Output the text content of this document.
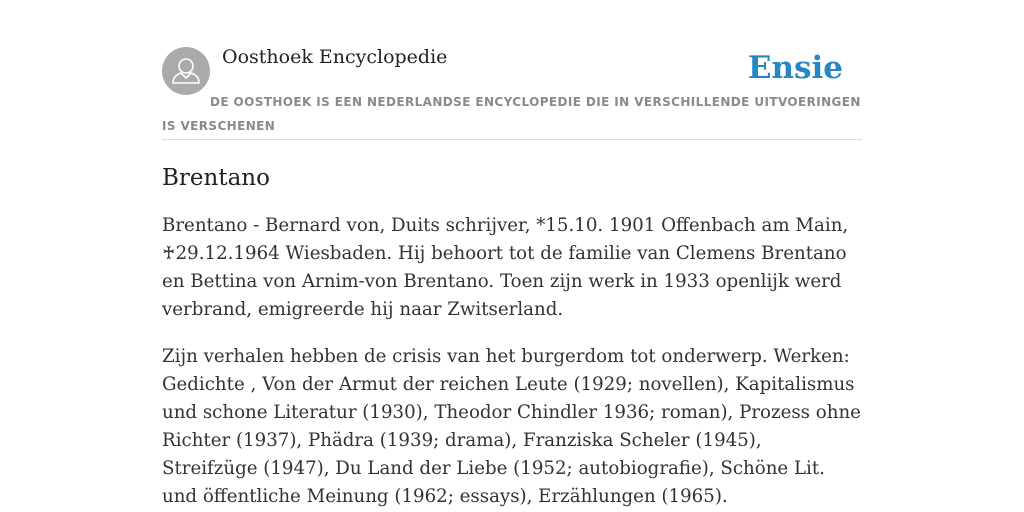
Oosthoek Encyclopedie	Ensie
DE OOSTHOEK IS EEN NEDERLANDSE ENCYCLOPEDIE DIE IN VERSCHILLENDE UITVOERINGEN IS VERSCHENEN
Brentano

Brentano - Bernard von, Duits schrijver, *15.10. 1901 Offenbach am Main, ♰29.12.1964 Wiesbaden. Hij behoort tot de familie van Clemens Brentano en Bettina von Arnim-von Brentano. Toen zijn werk in 1933 openlijk werd verbrand, emigreerde hij naar Zwitserland.

Zijn verhalen hebben de crisis van het burgerdom tot onderwerp. Werken: Gedichte , Von der Armut der reichen Leute (1929; novellen), Kapitalismus und schone Literatur (1930), Theodor Chindler 1936; roman), Prozess ohne Richter (1937), Phädra (1939; drama), Franziska Scheler (1945), Streifzüge (1947), Du Land der Liebe (1952; autobiografie), Schöne Lit. und öffentliche Meinung (1962; essays), Erzählungen (1965).
